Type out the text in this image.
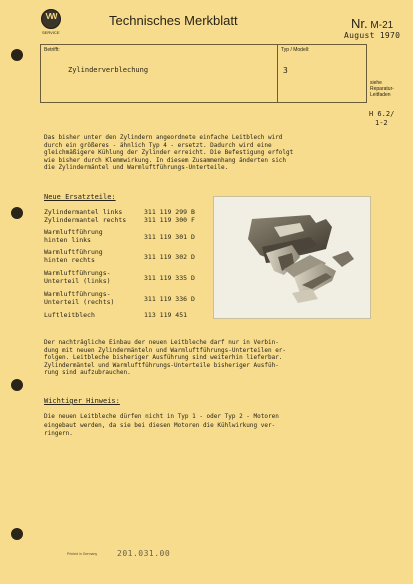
VW
SERVICE
Technisches Merkblatt	Nr. M-21
August 1970
Betrifft:	Typ / Modell:
Zylinderverblechung	3
siehe
Reparatur-
Leitfaden
H 6.2/
1-2
Das bisher unter den Zylindern angeordnete einfache Leitblech wird
durch ein größeres - ähnlich Typ 4 - ersetzt. Dadurch wird eine
gleichmäßigere Kühlung der Zylinder erreicht. Die Befestigung erfolgt
wie bisher durch Klemmwirkung. In diesem Zusammenhang änderten sich
die Zylindermäntel und Warmluftführungs-Unterteile.
Neue Ersatzteile:
Zylindermantel links	311 119 299 B
Zylindermantel rechts	311 119 300 F
Warmluftführung
hinten links	311 119 301 D
Warmluftführung
hinten rechts	311 119 302 D
Warmluftführungs-
Unterteil (links)	311 119 335 D
Warmluftführungs-
Unterteil (rechts)	311 119 336 D
Luftleitblech	113 119 451
Der nachträgliche Einbau der neuen Leitbleche darf nur in Verbin-
dung mit neuen Zylindermänteln und Warmluftführungs-Unterteilen er-
folgen. Leitbleche bisheriger Ausführung sind weiterhin lieferbar.
Zylindermäntel und Warmluftführungs-Unterteile bisheriger Ausfüh-
rung sind aufzubrauchen.
Wichtiger Hinweis:
Die neuen Leitbleche dürfen nicht in Typ 1 - oder Typ 2 - Motoren
eingebaut werden, da sie bei diesen Motoren die Kühlwirkung ver-
ringern.
Printed in Germany 201.031.00
